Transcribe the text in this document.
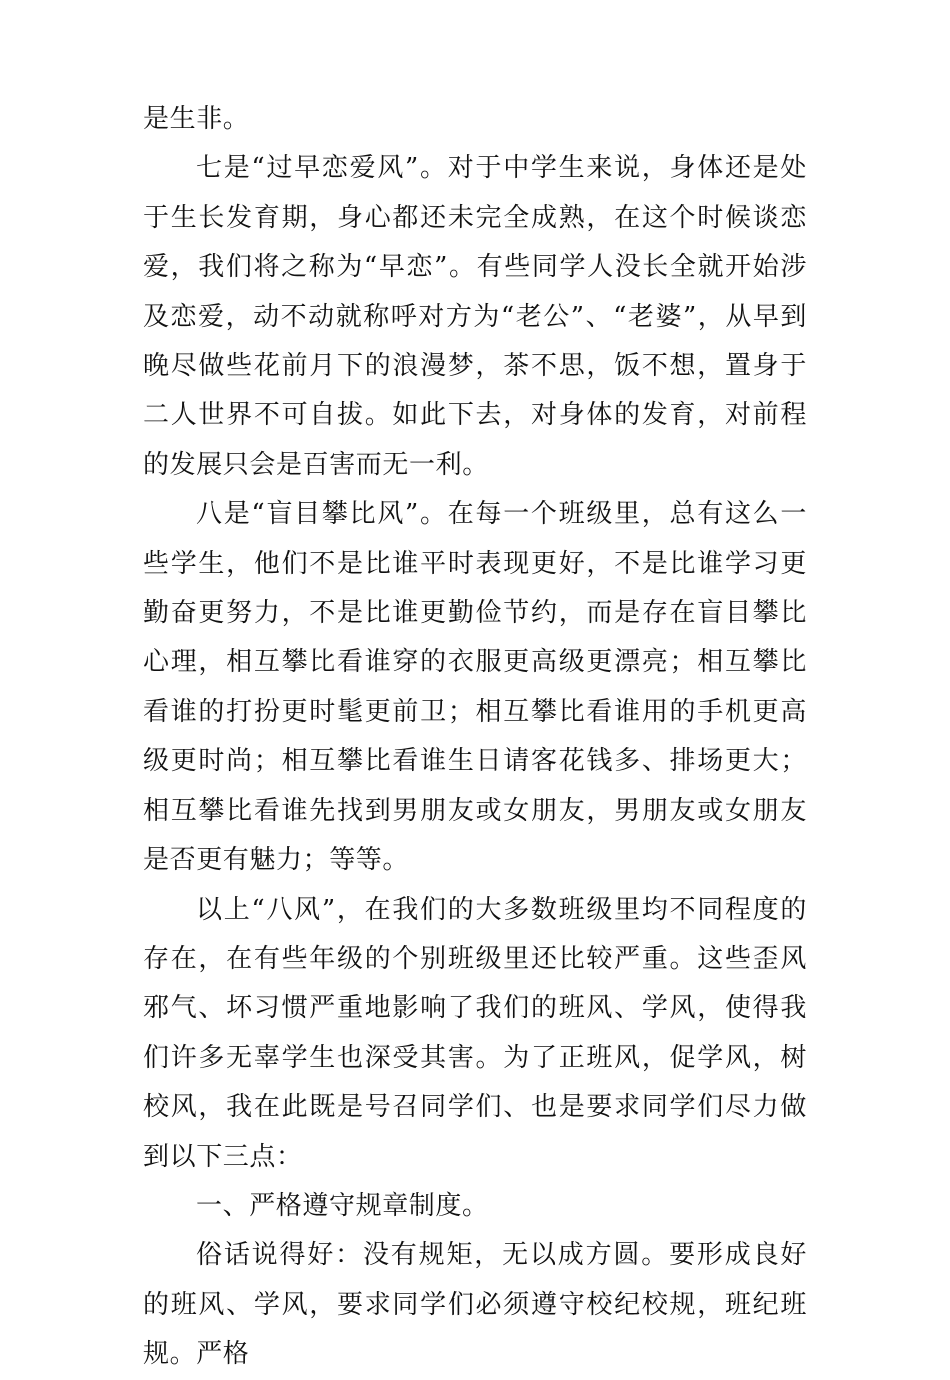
是生非。

七是“过早恋爱风”。对于中学生来说，身体还是处于生长发育期，身心都还未完全成熟，在这个时候谈恋爱，我们将之称为“早恋”。有些同学人没长全就开始涉及恋爱，动不动就称呼对方为“老公”、“老婆”，从早到晚尽做些花前月下的浪漫梦，茶不思，饭不想，置身于二人世界不可自拔。如此下去，对身体的发育，对前程的发展只会是百害而无一利。

八是“盲目攀比风”。在每一个班级里，总有这么一些学生，他们不是比谁平时表现更好，不是比谁学习更勤奋更努力，不是比谁更勤俭节约，而是存在盲目攀比心理，相互攀比看谁穿的衣服更高级更漂亮；相互攀比看谁的打扮更时髦更前卫；相互攀比看谁用的手机更高级更时尚；相互攀比看谁生日请客花钱多、排场更大；相互攀比看谁先找到男朋友或女朋友，男朋友或女朋友是否更有魅力；等等。

以上“八风”，在我们的大多数班级里均不同程度的存在，在有些年级的个别班级里还比较严重。这些歪风邪气、坏习惯严重地影响了我们的班风、学风，使得我们许多无辜学生也深受其害。为了正班风，促学风，树校风，我在此既是号召同学们、也是要求同学们尽力做到以下三点：

一、严格遵守规章制度。

俗话说得好：没有规矩，无以成方圆。要形成良好的班风、学风，要求同学们必须遵守校纪校规，班纪班规。严格
